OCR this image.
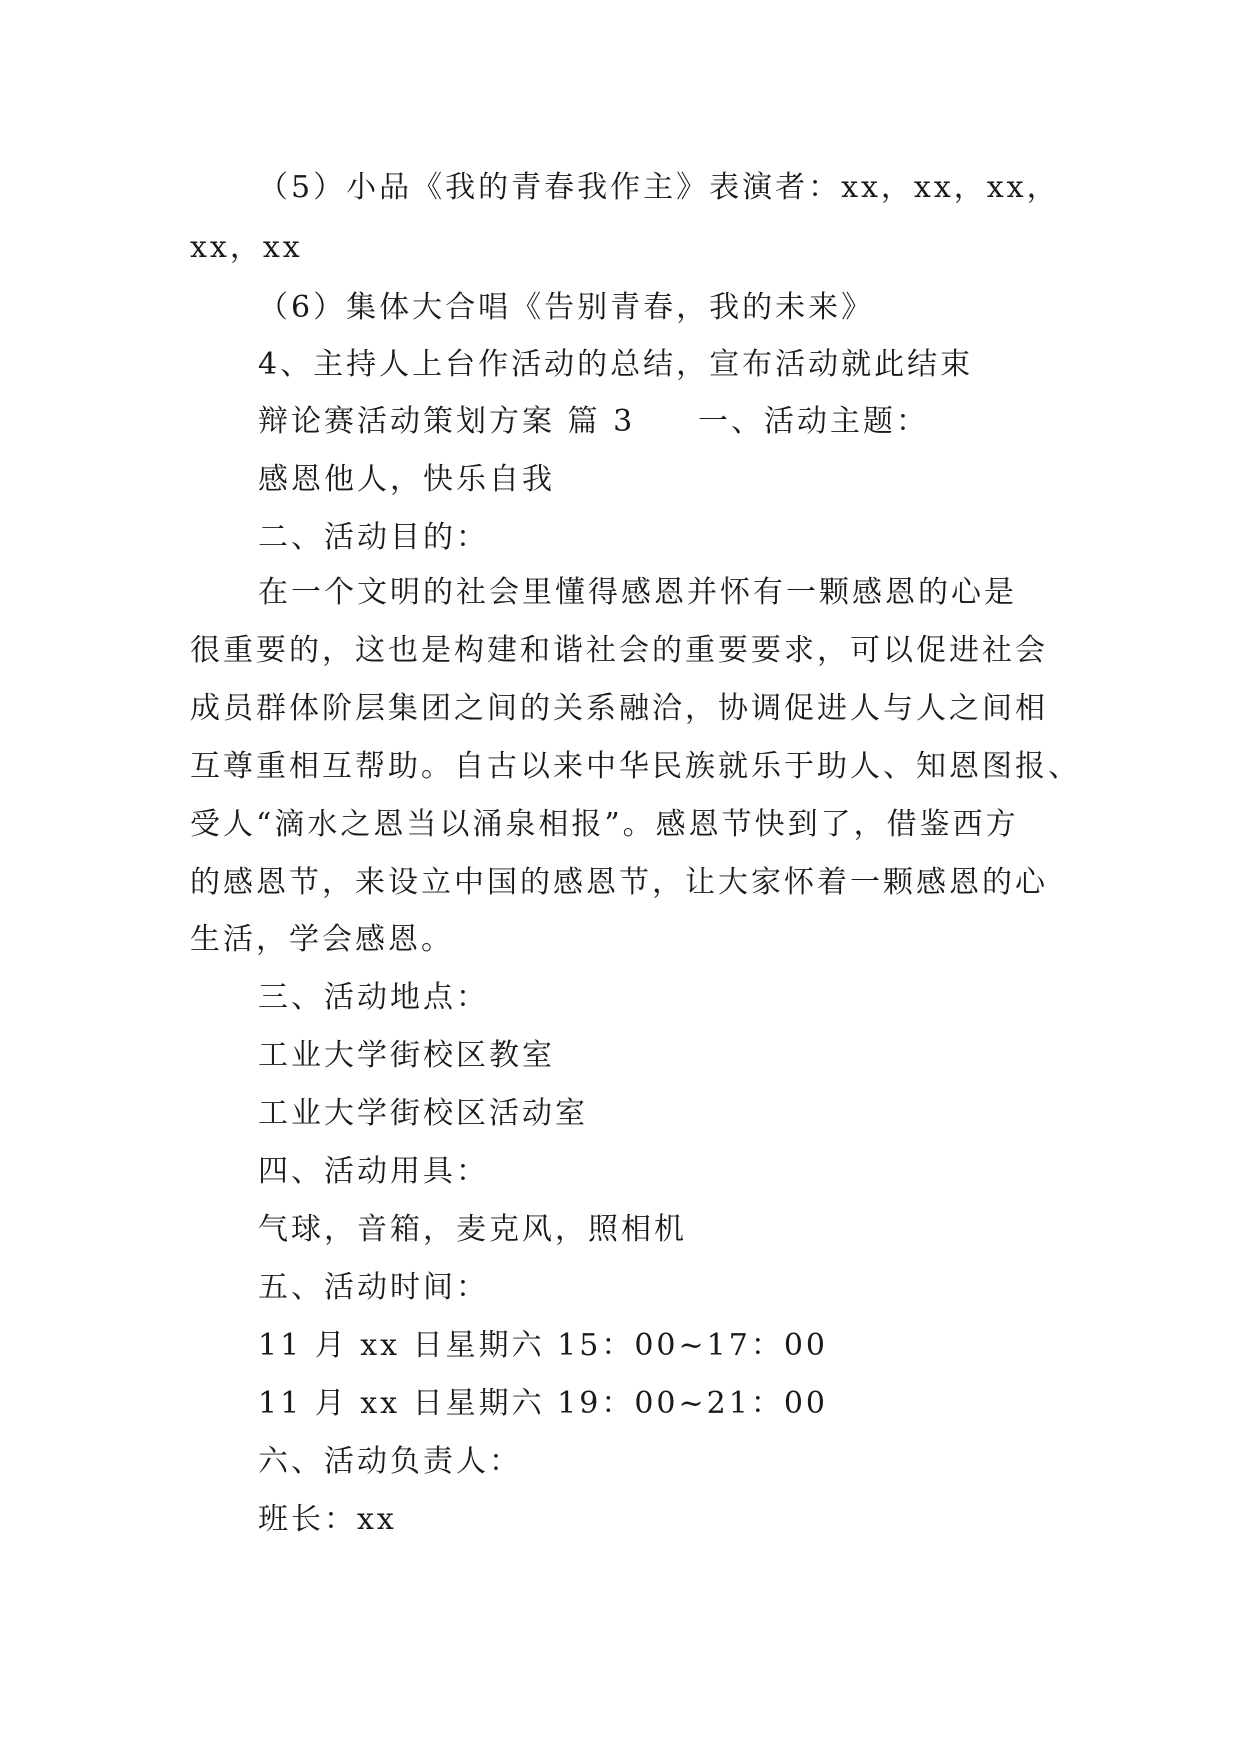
（5）小品《我的青春我作主》表演者：xx，xx，xx，
xx，xx
（6）集体大合唱《告别青春，我的未来》
4、主持人上台作活动的总结，宣布活动就此结束
辩论赛活动策划方案 篇 3 一、活动主题：
感恩他人，快乐自我
二、活动目的：
在一个文明的社会里懂得感恩并怀有一颗感恩的心是
很重要的，这也是构建和谐社会的重要要求，可以促进社会
成员群体阶层集团之间的关系融洽，协调促进人与人之间相
互尊重相互帮助。自古以来中华民族就乐于助人、知恩图报、
受人“滴水之恩当以涌泉相报”。感恩节快到了，借鉴西方
的感恩节，来设立中国的感恩节，让大家怀着一颗感恩的心
生活，学会感恩。
三、活动地点：
工业大学街校区教室
工业大学街校区活动室
四、活动用具：
气球，音箱，麦克风，照相机
五、活动时间：
11 月 xx 日星期六 15：00~17：00
11 月 xx 日星期六 19：00~21：00
六、活动负责人：
班长：xx
